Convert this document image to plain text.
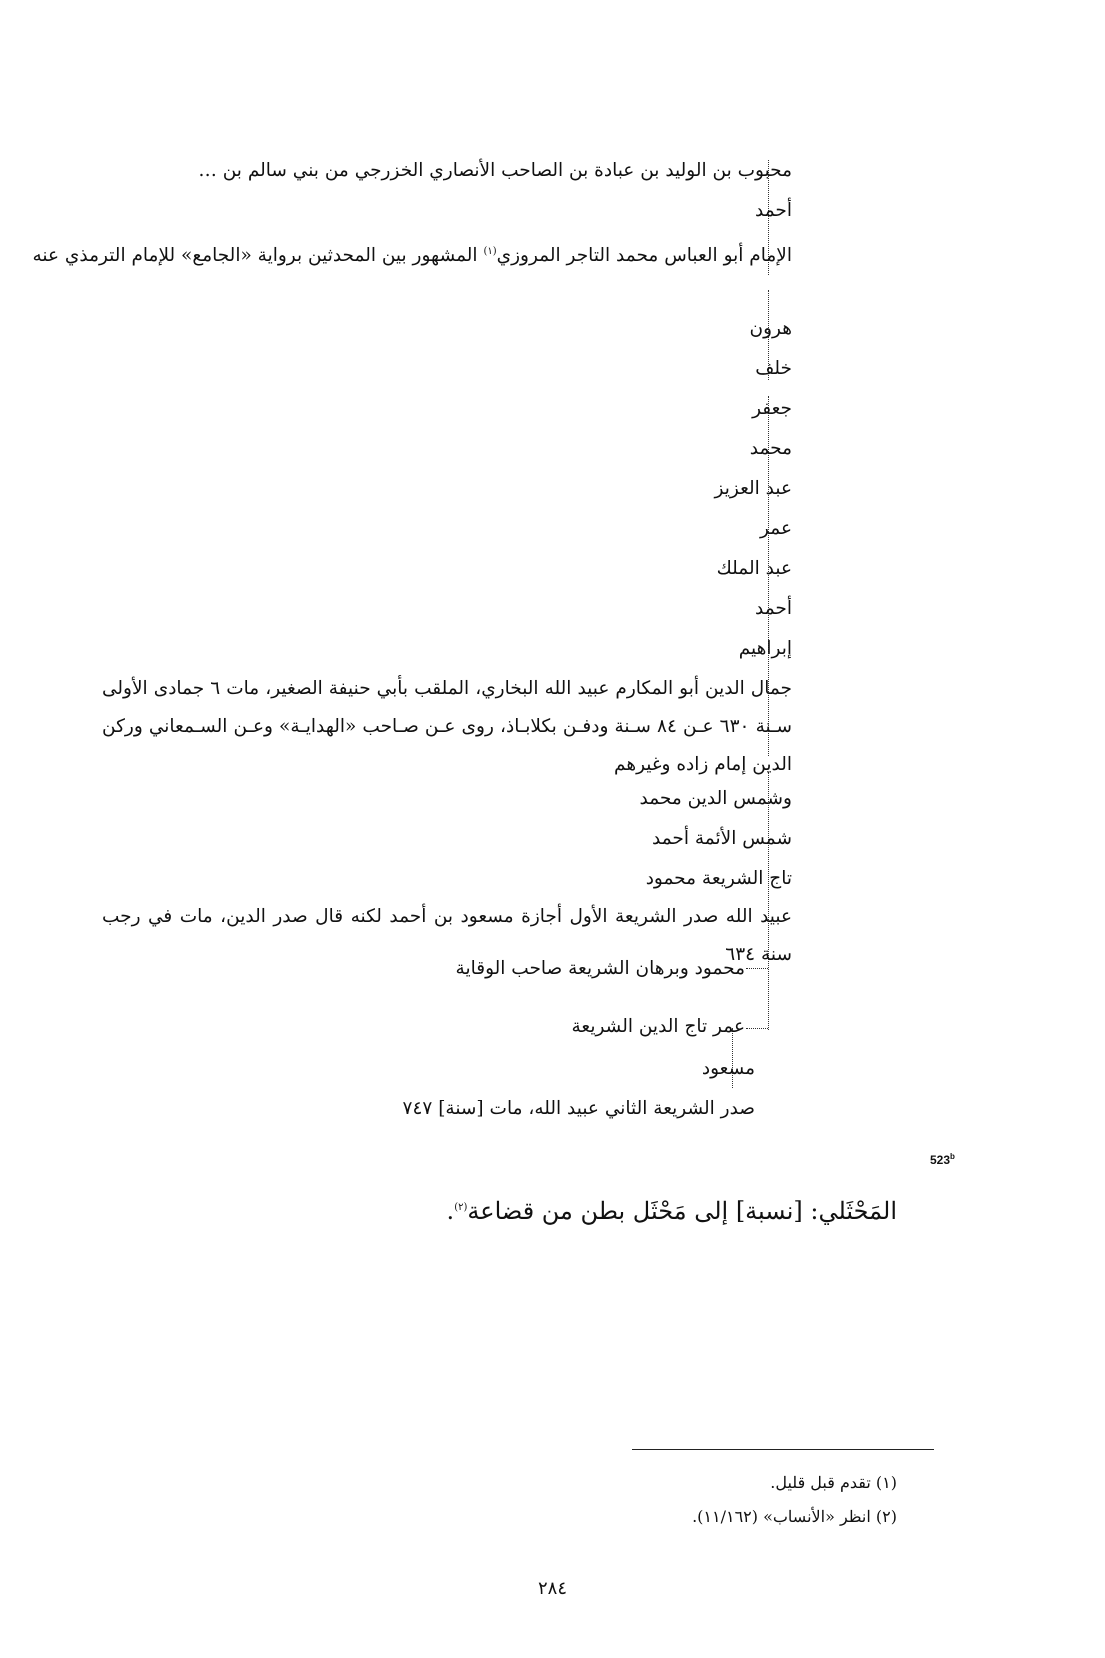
محبوب بن الوليد بن عبادة بن الصاحب الأنصاري الخزرجي من بني سالم بن …

أحمد

الإمام أبو العباس محمد التاجر المروزي$^{(١)}$ المشهور بين المحدثين برواية «الجامع» للإمام الترمذي عنه

هرون

خلف

جعفر

محمد

عبد العزيز

عمر

عبد الملك

أحمد

إبراهيم

جمال الدين أبو المكارم عبيد الله البخاري، الملقب بأبي حنيفة الصغير، مات ٦ جمادى الأولى سـنة ٦٣٠ عـن ٨٤ سـنة ودفـن بكلابـاذ، روى عـن صـاحب «الهدايـة» وعـن السـمعاني وركن الدين إمام زاده وغيرهم

وشمس الدين محمد

شمس الأئمة أحمد

تاج الشريعة محمود

عبيد الله صدر الشريعة الأول أجازة مسعود بن أحمد لكنه قال صدر الدين، مات في رجب سنة ٦٣٤

محمود وبرهان الشريعة صاحب الوقاية

عمر تاج الدين الشريعة

مسعود

صدر الشريعة الثاني عبيد الله، مات [سنة] ٧٤٧

523$^b$
المَحْثَلي: [نسبة] إلى مَحْثَل بطن من قضاعة$^{(٢)}$.
(١) تقدم قبل قليل.
(٢) انظر «الأنساب» (١١/١٦٢).
٢٨٤
